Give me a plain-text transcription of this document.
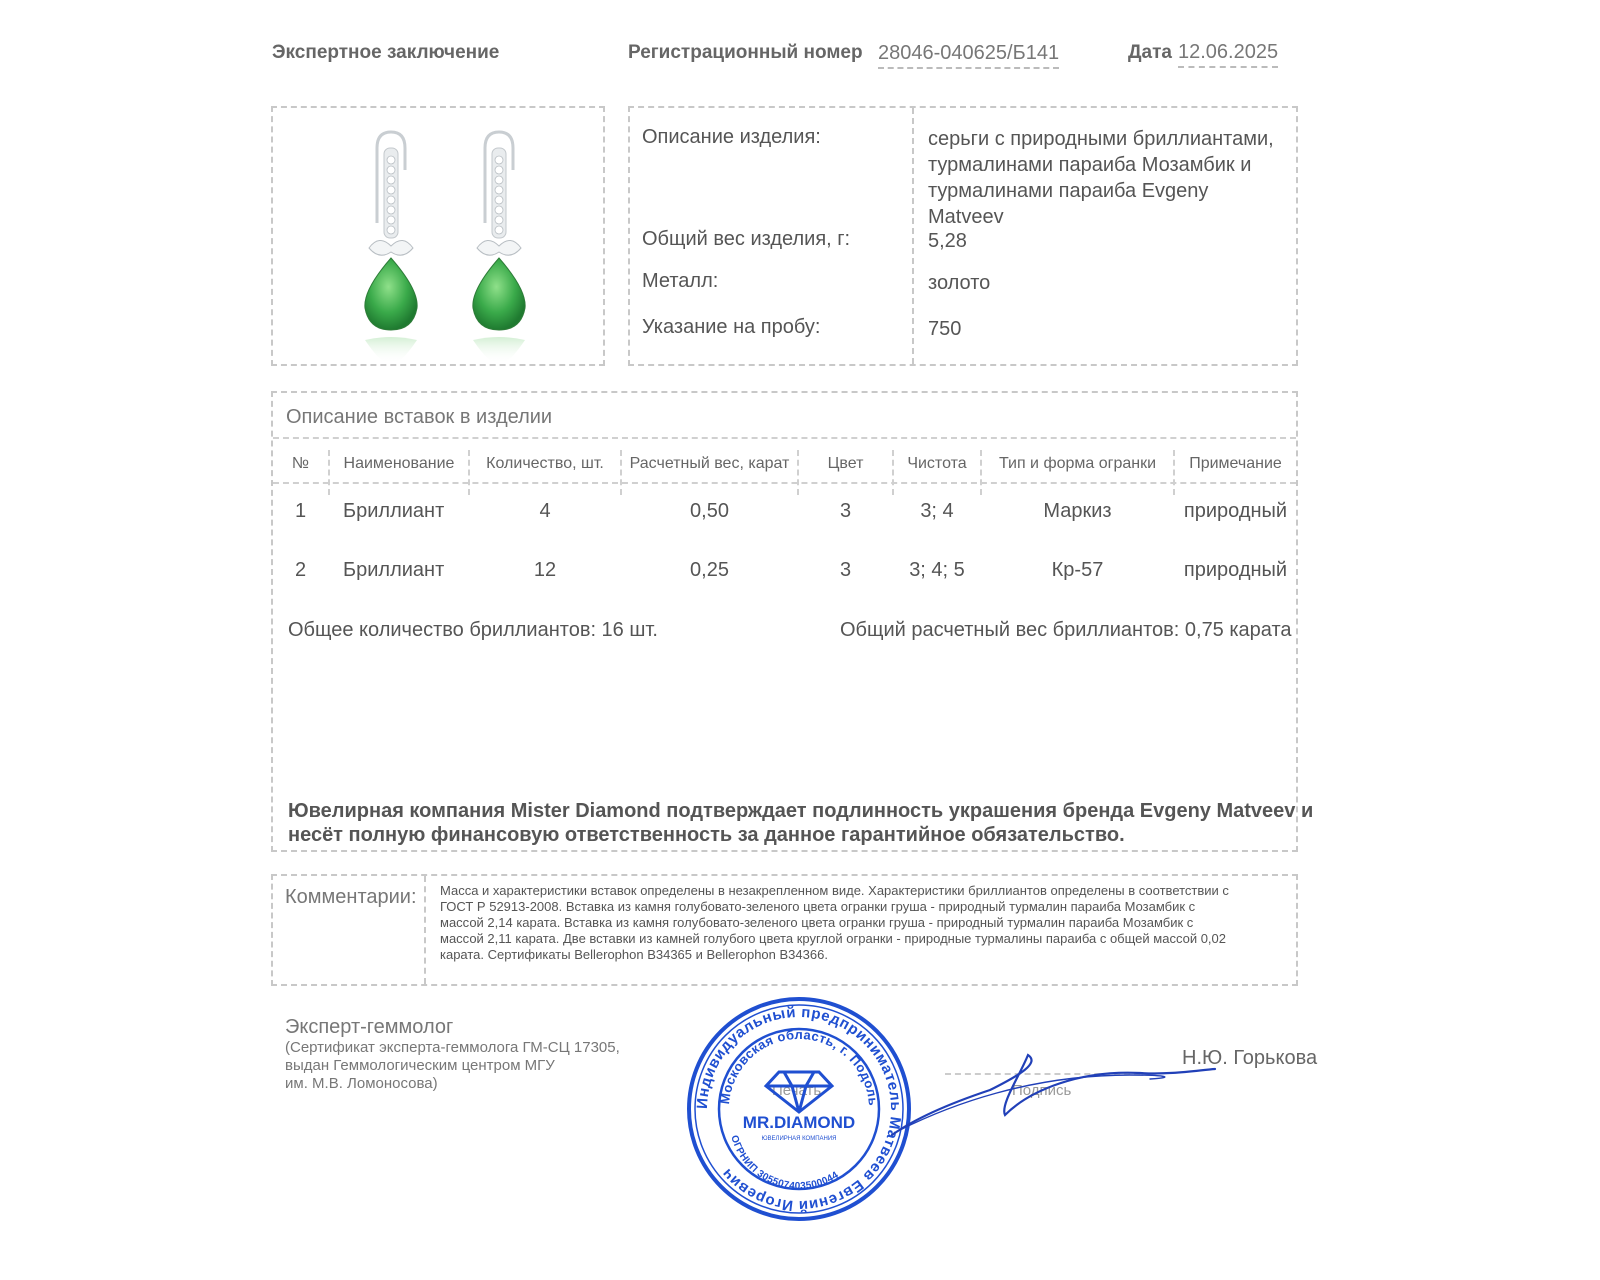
Экспертное заключение	Регистрационный номер 28046-040625/Б141	Дата 12.06.2025
Описание изделия:	серьги с природными бриллиантами, турмалинами параиба Мозамбик и турмалинами параиба Evgeny Matveev
Общий вес изделия, г:	5,28
Металл:	золото
Указание на пробу:	750
Описание вставок в изделии
№	Наименование	Количество, шт.	Расчетный вес, карат	Цвет	Чистота	Тип и форма огранки	Примечание
1	Бриллиант	4	0,50	3	3; 4	Маркиз	природный
2	Бриллиант	12	0,25	3	3; 4; 5	Кр-57	природный
Общее количество бриллиантов: 16 шт.	Общий расчетный вес бриллиантов: 0,75 карата
Ювелирная компания Mister Diamond подтверждает подлинность украшения бренда Evgeny Matveev и
несёт полную финансовую ответственность за данное гарантийное обязательство.
Комментарии: Масса и характеристики вставок определены в незакрепленном виде. Характеристики бриллиантов определены в соответствии с
ГОСТ Р 52913-2008. Вставка из камня голубовато-зеленого цвета огранки груша - природный турмалин параиба Мозамбик с
массой 2,14 карата. Вставка из камня голубовато-зеленого цвета огранки груша - природный турмалин параиба Мозамбик с
массой 2,11 карата. Две вставки из камней голубого цвета круглой огранки - природные турмалины параиба с общей массой 0,02
карата. Сертификаты Bellerophon B34365 и Bellerophon B34366.
Эксперт-геммолог
(Сертификат эксперта-геммолога ГМ-СЦ 17305,
выдан Геммологическим центром МГУ
им. М.В. Ломоносова)	Печать	Подпись
Н.Ю. Горькова
Индивидуальный предприниматель Матвеев Евгений Игоревич
Московская область, г. Подоль
ОГРНИП 305507403500044
MR.DIAMOND
ЮВЕЛИРНАЯ КОМПАНИЯ
